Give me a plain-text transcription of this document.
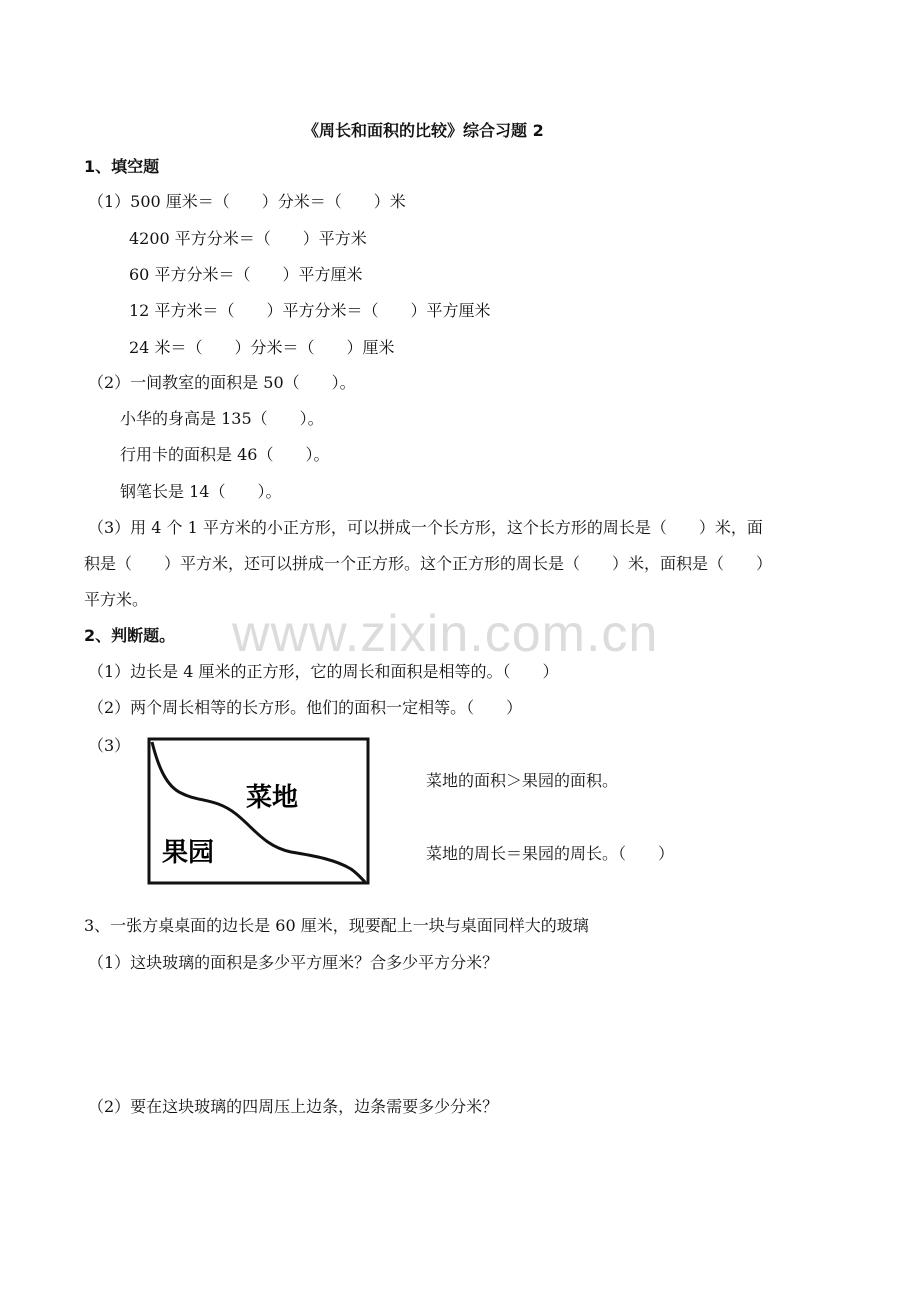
www.zixin.com.cn
《周长和面积的比较》综合习题 2
1、填空题
（1）500 厘米＝（　　）分米＝（　　）米
4200 平方分米＝（　　）平方米
60 平方分米＝（　　）平方厘米
12 平方米＝（　　）平方分米＝（　　）平方厘米
24 米＝（　　）分米＝（　　）厘米
（2）一间教室的面积是 50（　　）。
小华的身高是 135（　　）。
行用卡的面积是 46（　　）。
钢笔长是 14（　　）。
（3）用 4 个 1 平方米的小正方形，可以拼成一个长方形，这个长方形的周长是（　　）米，面
积是（　　）平方米，还可以拼成一个正方形。这个正方形的周长是（　　）米，面积是（　　）
平方米。
2、判断题。
（1）边长是 4 厘米的正方形，它的周长和面积是相等的。（　　）
（2）两个周长相等的长方形。他们的面积一定相等。（　　）
（3）
菜地
果园
菜地的面积＞果园的面积。
菜地的周长＝果园的周长。（　　）
3、一张方桌桌面的边长是 60 厘米，现要配上一块与桌面同样大的玻璃
（1）这块玻璃的面积是多少平方厘米？合多少平方分米？
（2）要在这块玻璃的四周压上边条，边条需要多少分米？
